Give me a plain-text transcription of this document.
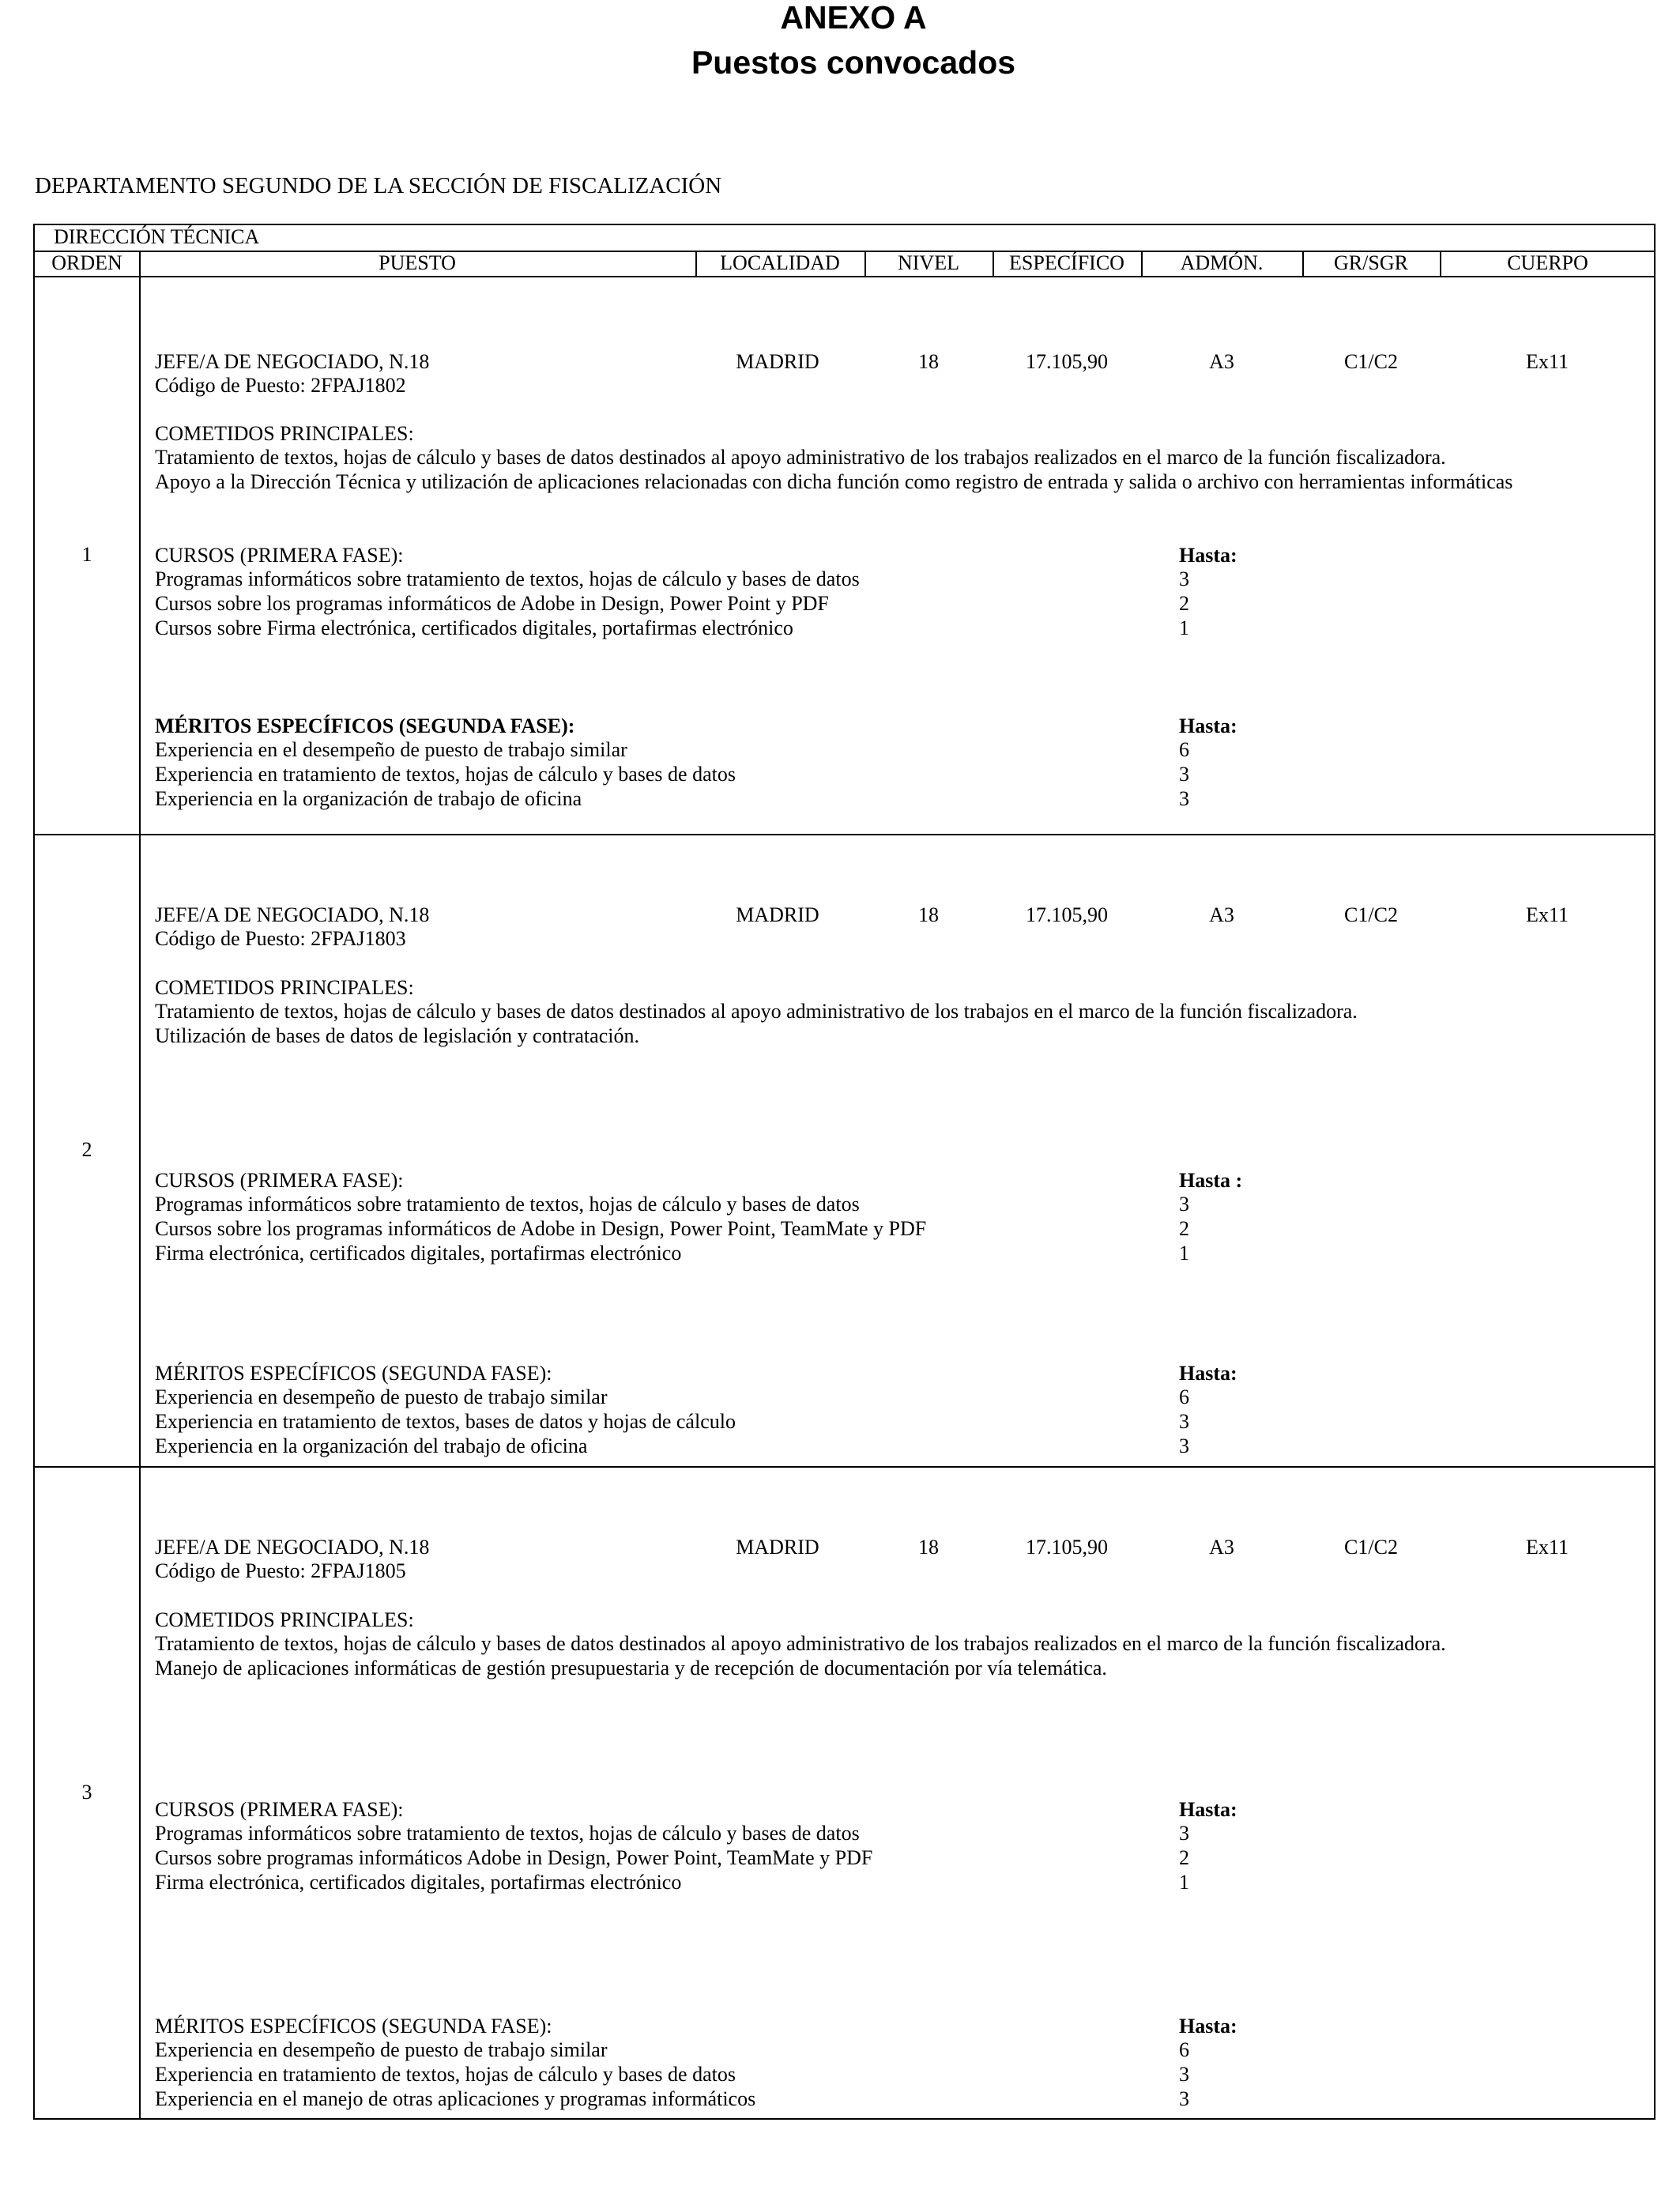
ANEXO A
Puestos convocados
DEPARTAMENTO SEGUNDO DE LA SECCIÓN DE FISCALIZACIÓN
DIRECCIÓN TÉCNICA
ORDEN	PUESTO	LOCALIDAD	NIVEL	ESPECÍFICO	ADMÓN.	GR/SGR	CUERPO
1
JEFE/A DE NEGOCIADO, N.18	MADRID	18	17.105,90	A3	C1/C2	Ex11
Código de Puesto: 2FPAJ1802
COMETIDOS PRINCIPALES:
Tratamiento de textos, hojas de cálculo y bases de datos destinados al apoyo administrativo de los trabajos realizados en el marco de la función fiscalizadora.
Apoyo a la Dirección Técnica y utilización de aplicaciones relacionadas con dicha función como registro de entrada y salida o archivo con herramientas informáticas
CURSOS (PRIMERA FASE):	Hasta:
Programas informáticos sobre tratamiento de textos, hojas de cálculo y bases de datos	3
Cursos sobre los programas informáticos de Adobe in Design, Power Point y PDF	2
Cursos sobre Firma electrónica, certificados digitales, portafirmas electrónico	1
MÉRITOS ESPECÍFICOS (SEGUNDA FASE):	Hasta:
Experiencia en el desempeño de puesto de trabajo similar	6
Experiencia en tratamiento de textos, hojas de cálculo y bases de datos	3
Experiencia en la organización de trabajo de oficina	3
2
JEFE/A DE NEGOCIADO, N.18	MADRID	18	17.105,90	A3	C1/C2	Ex11
Código de Puesto: 2FPAJ1803
COMETIDOS PRINCIPALES:
Tratamiento de textos, hojas de cálculo y bases de datos destinados al apoyo administrativo de los trabajos en el marco de la función fiscalizadora.
Utilización de bases de datos de legislación y contratación.
CURSOS (PRIMERA FASE):	Hasta :
Programas informáticos sobre tratamiento de textos, hojas de cálculo y bases de datos	3
Cursos sobre los programas informáticos de Adobe in Design, Power Point, TeamMate y PDF	2
Firma electrónica, certificados digitales, portafirmas electrónico	1
MÉRITOS ESPECÍFICOS (SEGUNDA FASE):	Hasta:
Experiencia en desempeño de puesto de trabajo similar	6
Experiencia en tratamiento de textos, bases de datos y hojas de cálculo	3
Experiencia en la organización del trabajo de oficina	3
3
JEFE/A DE NEGOCIADO, N.18	MADRID	18	17.105,90	A3	C1/C2	Ex11
Código de Puesto: 2FPAJ1805
COMETIDOS PRINCIPALES:
Tratamiento de textos, hojas de cálculo y bases de datos destinados al apoyo administrativo de los trabajos realizados en el marco de la función fiscalizadora.
Manejo de aplicaciones informáticas de gestión presupuestaria y de recepción de documentación por vía telemática.
CURSOS (PRIMERA FASE):	Hasta:
Programas informáticos sobre tratamiento de textos, hojas de cálculo y bases de datos	3
Cursos sobre programas informáticos Adobe in Design, Power Point, TeamMate y PDF	2
Firma electrónica, certificados digitales, portafirmas electrónico	1
MÉRITOS ESPECÍFICOS (SEGUNDA FASE):	Hasta:
Experiencia en desempeño de puesto de trabajo similar	6
Experiencia en tratamiento de textos, hojas de cálculo y bases de datos	3
Experiencia en el manejo de otras aplicaciones y programas informáticos	3
